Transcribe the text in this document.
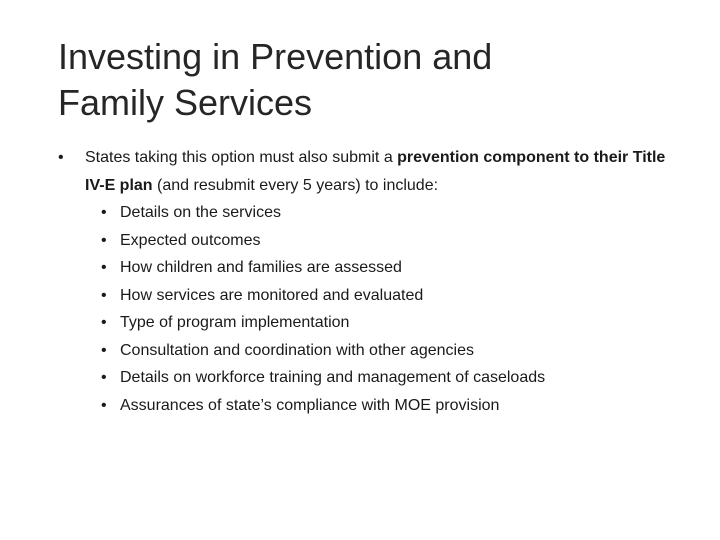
Investing in Prevention and
Family Services
• States taking this option must also submit a prevention component to their Title IV-E plan (and resubmit every 5 years) to include:
• Details on the services
• Expected outcomes
• How children and families are assessed
• How services are monitored and evaluated
• Type of program implementation
• Consultation and coordination with other agencies
• Details on workforce training and management of caseloads
• Assurances of state’s compliance with MOE provision
